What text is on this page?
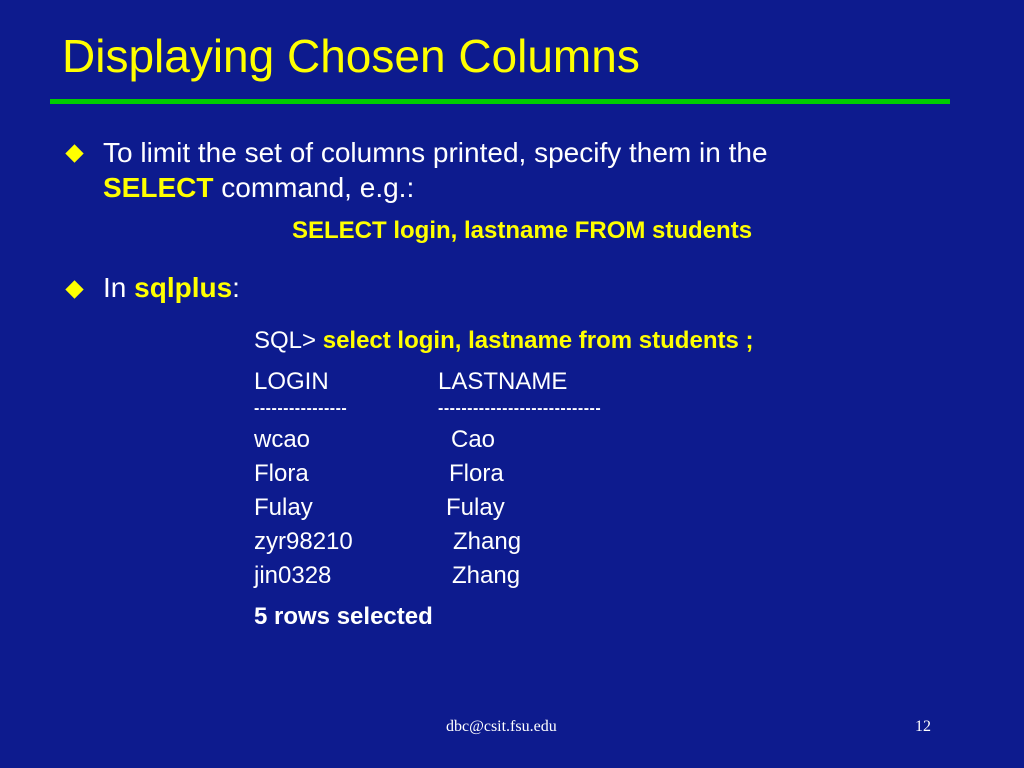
Displaying Chosen Columns
To limit the set of columns printed, specify them in the
SELECT command, e.g.:
SELECT login, lastname FROM students
In sqlplus:
SQL> select login, lastname from students ;
LOGIN	LASTNAME
----------------	----------------------------
wcao	Cao
Flora	Flora
Fulay	Fulay
zyr98210	Zhang
jin0328	Zhang
5 rows selected
dbc@csit.fsu.edu	12
